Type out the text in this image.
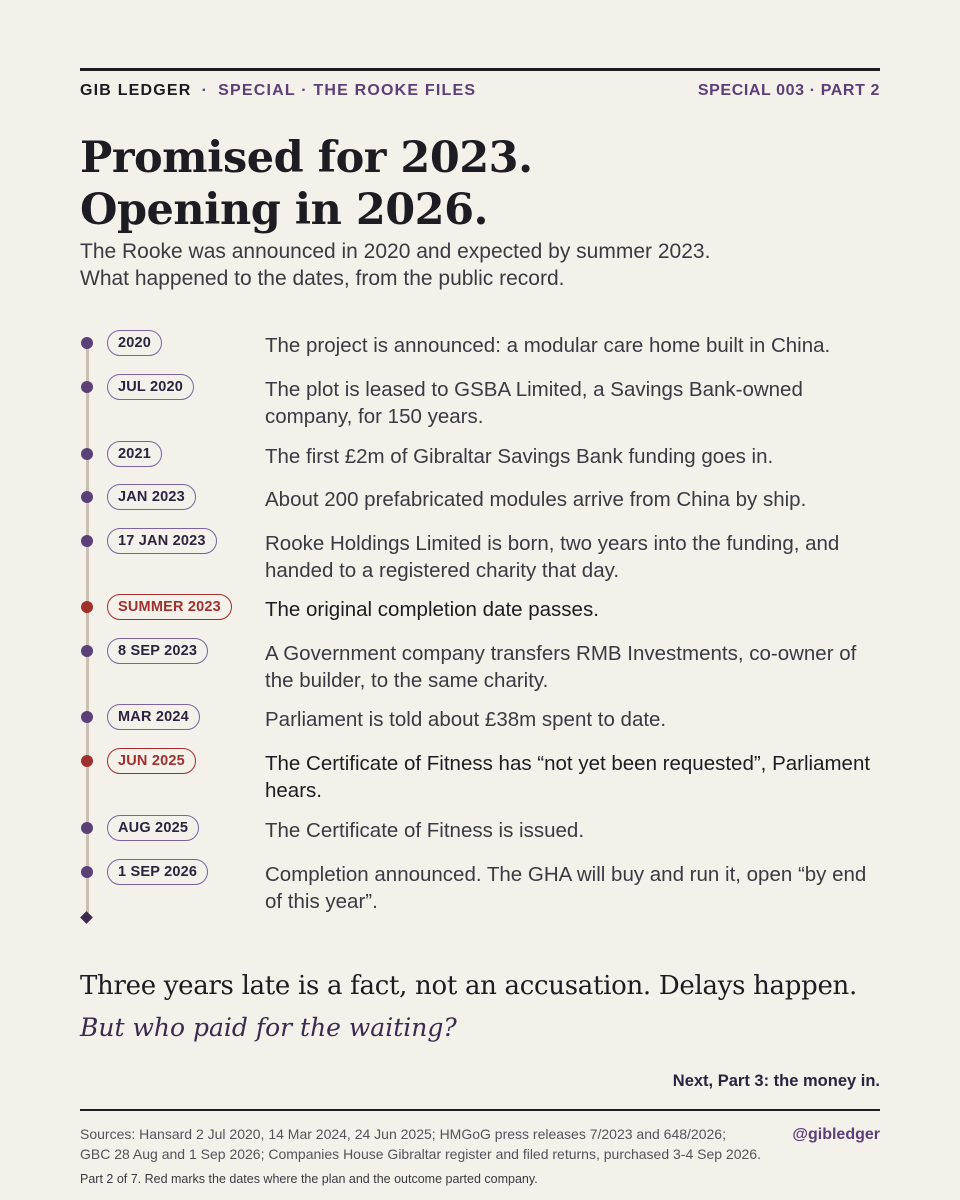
GIB LEDGER · SPECIAL · THE ROOKE FILES	SPECIAL 003 · PART 2
Promised for 2023.
Opening in 2026.

The Rooke was announced in 2020 and expected by summer 2023.
What happened to the dates, from the public record.

2020	The project is announced: a modular care home built in China.
JUL 2020	The plot is leased to GSBA Limited, a Savings Bank-owned company, for 150 years.
2021	The first £2m of Gibraltar Savings Bank funding goes in.
JAN 2023	About 200 prefabricated modules arrive from China by ship.
17 JAN 2023	Rooke Holdings Limited is born, two years into the funding, and handed to a registered charity that day.
SUMMER 2023	The original completion date passes.
8 SEP 2023	A Government company transfers RMB Investments, co-owner of the builder, to the same charity.
MAR 2024	Parliament is told about £38m spent to date.
JUN 2025	The Certificate of Fitness has “not yet been requested”, Parliament hears.
AUG 2025	The Certificate of Fitness is issued.
1 SEP 2026	Completion announced. The GHA will buy and run it, open “by end of this year”.

Three years late is a fact, not an accusation. Delays happen.

But who paid for the waiting?

Next, Part 3: the money in.

Sources: Hansard 2 Jul 2020, 14 Mar 2024, 24 Jun 2025; HMGoG press releases 7/2023 and 648/2026;
GBC 28 Aug and 1 Sep 2026; Companies House Gibraltar register and filed returns, purchased 3-4 Sep 2026.

@gibledger

Part 2 of 7. Red marks the dates where the plan and the outcome parted company.
